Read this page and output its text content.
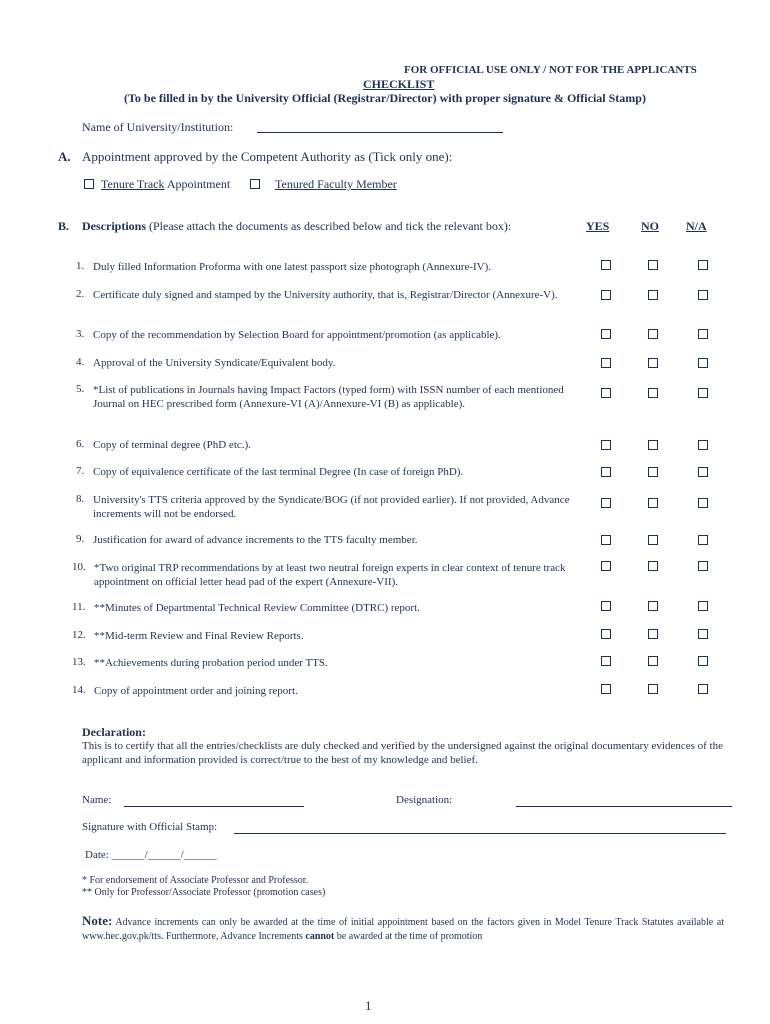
FOR OFFICIAL USE ONLY / NOT FOR THE APPLICANTS
CHECKLIST
(To be filled in by the University Official (Registrar/Director) with proper signature & Official Stamp)
Name of University/Institution:
A. Appointment approved by the Competent Authority as (Tick only one):
Tenure Track Appointment	Tenured Faculty Member
B. Descriptions (Please attach the documents as described below and tick the relevant box):	YES	NO N/A
1. Duly filled Information Proforma with one latest passport size photograph (Annexure-IV).
2. Certificate duly signed and stamped by the University authority, that is, Registrar/Director (Annexure-V).
3. Copy of the recommendation by Selection Board for appointment/promotion (as applicable).
4. Approval of the University Syndicate/Equivalent body.
5. *List of publications in Journals having Impact Factors (typed form) with ISSN number of each mentioned Journal on HEC prescribed form (Annexure-VI (A)/Annexure-VI (B) as applicable).
6. Copy of terminal degree (PhD etc.).
7. Copy of equivalence certificate of the last terminal Degree (In case of foreign PhD).
8. University's TTS criteria approved by the Syndicate/BOG (if not provided earlier). If not provided, Advance increments will not be endorsed.
9. Justification for award of advance increments to the TTS faculty member.
10. *Two original TRP recommendations by at least two neutral foreign experts in clear context of tenure track appointment on official letter head pad of the expert (Annexure-VII).
11. **Minutes of Departmental Technical Review Committee (DTRC) report.
12. **Mid-term Review and Final Review Reports.
13. **Achievements during probation period under TTS.
14. Copy of appointment order and joining report.
Declaration:
This is to certify that all the entries/checklists are duly checked and verified by the undersigned against the original documentary evidences of the applicant and information provided is correct/true to the best of my knowledge and belief.
Name:	Designation:
Signature with Official Stamp:
Date: ______/______/______
* For endorsement of Associate Professor and Professor.
** Only for Professor/Associate Professor (promotion cases)
Note: Advance increments can only be awarded at the time of initial appointment based on the factors given in Model Tenure Track Statutes available at www.hec.gov.pk/tts. Furthermore, Advance Increments cannot be awarded at the time of promotion
1
